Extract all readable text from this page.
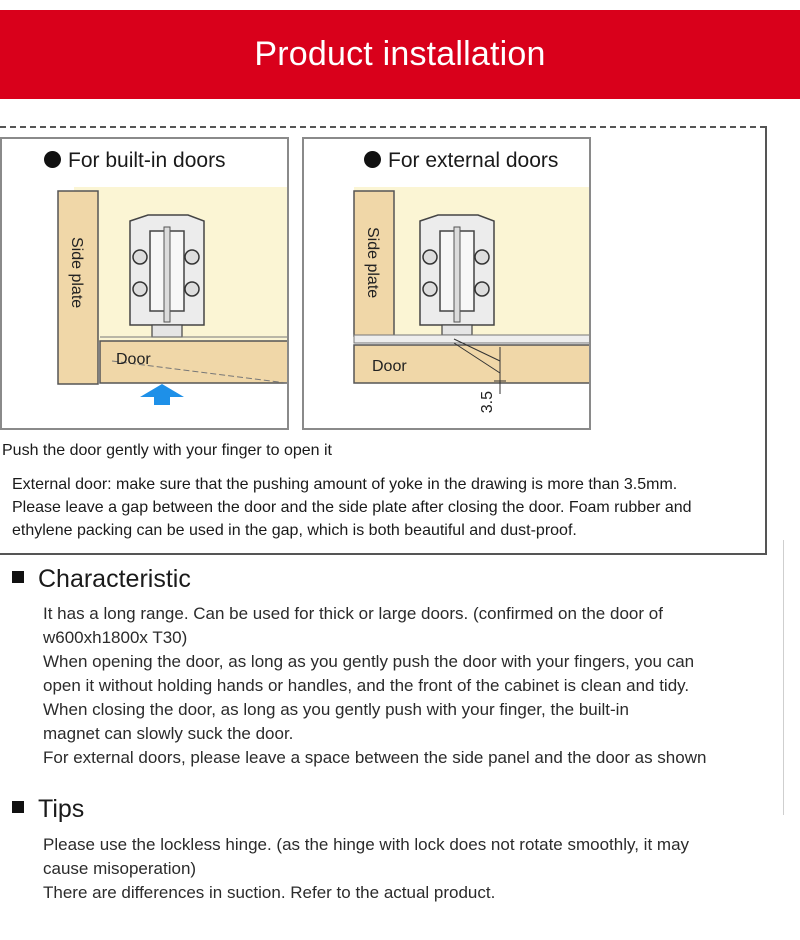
Product installation
Side plate
Door
For built-in doors
3.5
Side plate
Door
For external doors

Push the door gently with your finger to open it

External door: make sure that the pushing amount of yoke in the drawing is more than 3.5mm.
Please leave a gap between the door and the side plate after closing the door. Foam rubber and
ethylene packing can be used in the gap, which is both beautiful and dust-proof.

Characteristic

It has a long range. Can be used for thick or large doors. (confirmed on the door of
w600xh1800x T30)
When opening the door, as long as you gently push the door with your fingers, you can
open it without holding hands or handles, and the front of the cabinet is clean and tidy.
When closing the door, as long as you gently push with your finger, the built-in
magnet can slowly suck the door.
For external doors, please leave a space between the side panel and the door as shown

Tips

Please use the lockless hinge. (as the hinge with lock does not rotate smoothly, it may
cause misoperation)
There are differences in suction. Refer to the actual product.
